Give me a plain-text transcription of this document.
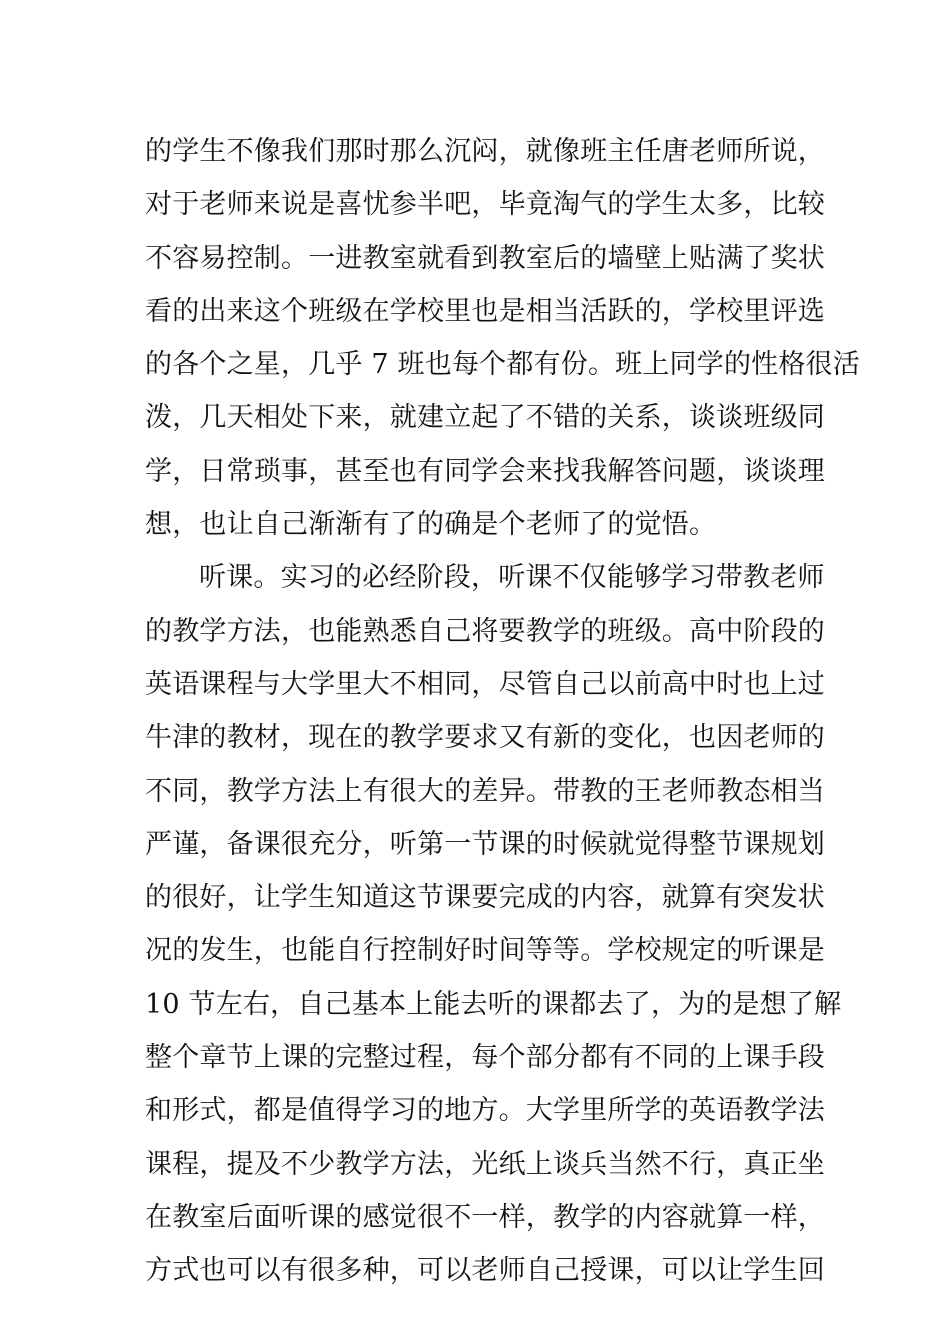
的学生不像我们那时那么沉闷，就像班主任唐老师所说，
对于老师来说是喜忧参半吧，毕竟淘气的学生太多，比较
不容易控制。一进教室就看到教室后的墙壁上贴满了奖状
看的出来这个班级在学校里也是相当活跃的，学校里评选
的各个之星，几乎 7 班也每个都有份。班上同学的性格很活
泼，几天相处下来，就建立起了不错的关系，谈谈班级同
学，日常琐事，甚至也有同学会来找我解答问题，谈谈理
想，也让自己渐渐有了的确是个老师了的觉悟。
听课。实习的必经阶段，听课不仅能够学习带教老师
的教学方法，也能熟悉自己将要教学的班级。高中阶段的
英语课程与大学里大不相同，尽管自己以前高中时也上过
牛津的教材，现在的教学要求又有新的变化，也因老师的
不同，教学方法上有很大的差异。带教的王老师教态相当
严谨，备课很充分，听第一节课的时候就觉得整节课规划
的很好，让学生知道这节课要完成的内容，就算有突发状
况的发生，也能自行控制好时间等等。学校规定的听课是
10 节左右，自己基本上能去听的课都去了，为的是想了解
整个章节上课的完整过程，每个部分都有不同的上课手段
和形式，都是值得学习的地方。大学里所学的英语教学法
课程，提及不少教学方法，光纸上谈兵当然不行，真正坐
在教室后面听课的感觉很不一样，教学的内容就算一样，
方式也可以有很多种，可以老师自己授课，可以让学生回
